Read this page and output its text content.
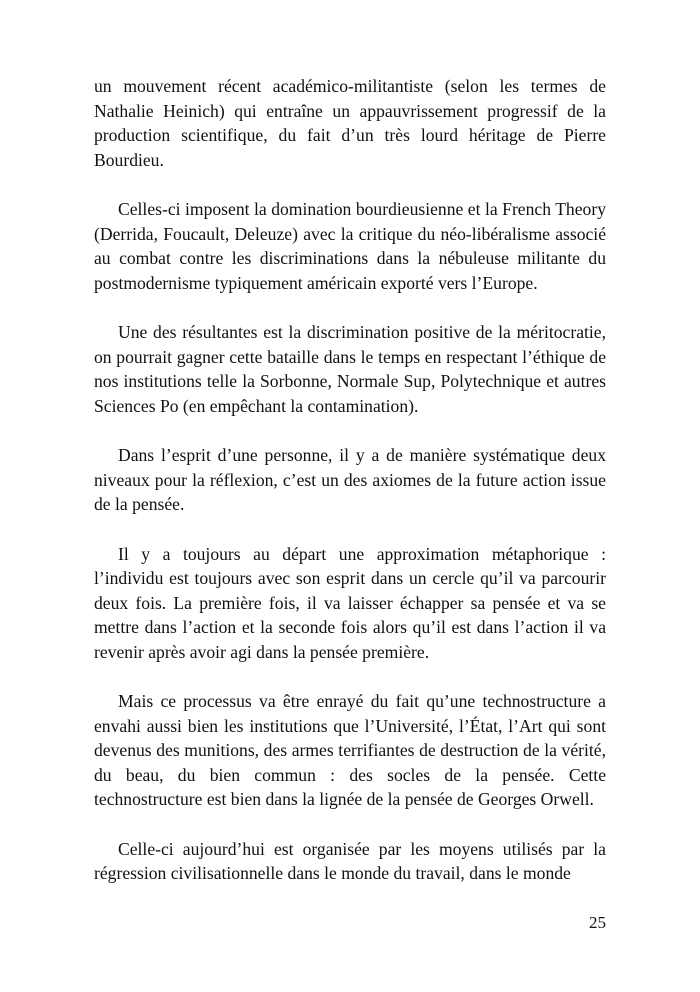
un mouvement récent académico-militantiste (selon les termes de Nathalie Heinich) qui entraîne un appauvrissement progressif de la production scientifique, du fait d’un très lourd héritage de Pierre Bourdieu.

Celles-ci imposent la domination bourdieusienne et la French Theory (Derrida, Foucault, Deleuze) avec la critique du néo-libéralisme associé au combat contre les discriminations dans la nébuleuse militante du postmodernisme typiquement américain exporté vers l’Europe.

Une des résultantes est la discrimination positive de la méritocratie, on pourrait gagner cette bataille dans le temps en respectant l’éthique de nos institutions telle la Sorbonne, Normale Sup, Polytechnique et autres Sciences Po (en empêchant la contamination).

Dans l’esprit d’une personne, il y a de manière systématique deux niveaux pour la réflexion, c’est un des axiomes de la future action issue de la pensée.

Il y a toujours au départ une approximation métaphorique : l’individu est toujours avec son esprit dans un cercle qu’il va parcourir deux fois. La première fois, il va laisser échapper sa pensée et va se mettre dans l’action et la seconde fois alors qu’il est dans l’action il va revenir après avoir agi dans la pensée première.

Mais ce processus va être enrayé du fait qu’une technostructure a envahi aussi bien les institutions que l’Université, l’État, l’Art qui sont devenus des munitions, des armes terrifiantes de destruction de la vérité, du beau, du bien commun : des socles de la pensée. Cette technostructure est bien dans la lignée de la pensée de Georges Orwell.

Celle-ci aujourd’hui est organisée par les moyens utilisés par la régression civilisationnelle dans le monde du travail, dans le monde

25
